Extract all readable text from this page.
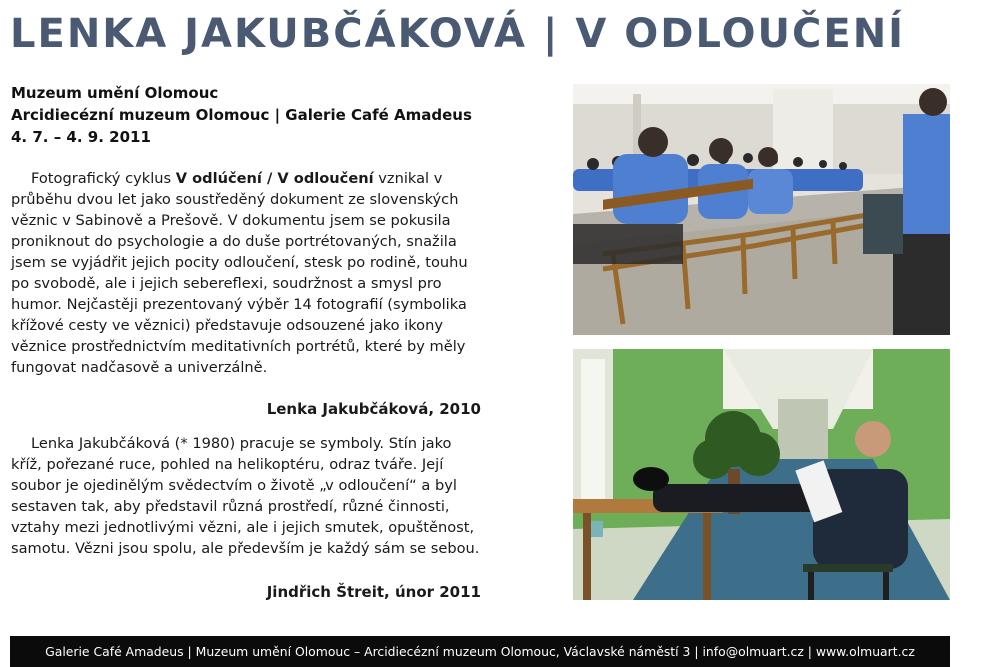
LENKA JAKUBČÁKOVÁ | V ODLOUČENÍ
Muzeum umění Olomouc
Arcidiecézní muzeum Olomouc | Galerie Café Amadeus
4. 7. – 4. 9. 2011

Fotografický cyklus V odlúčení / V odloučení vznikal v průběhu dvou let jako soustředěný dokument ze slovenských věznic v Sabinově a Prešově. V dokumentu jsem se pokusila proniknout do psychologie a do duše portrétovaných, snažila jsem se vyjádřit jejich pocity odloučení, stesk po rodině, touhu po svobodě, ale i jejich sebereflexi, soudržnost a smysl pro humor. Nejčastěji prezentovaný výběr 14 fotografií (symbolika křížové cesty ve věznici) představuje odsouzené jako ikony věznice prostřednictvím meditativních portrétů, které by měly fungovat nadčasově a univerzálně.

Lenka Jakubčáková, 2010

Lenka Jakubčáková (* 1980) pracuje se symboly. Stín jako kříž, pořezané ruce, pohled na helikoptéru, odraz tváře. Její soubor je ojedinělým svědectvím o životě „v odloučení“ a byl sestaven tak, aby představil různá prostředí, různé činnosti, vztahy mezi jednotlivými vězni, ale i jejich smutek, opuštěnost, samotu. Vězni jsou spolu, ale především je každý sám se sebou.

Jindřich Štreit, únor 2011
Galerie Café Amadeus | Muzeum umění Olomouc – Arcidiecézní muzeum Olomouc, Václavské náměstí 3 | info@olmuart.cz | www.olmuart.cz
